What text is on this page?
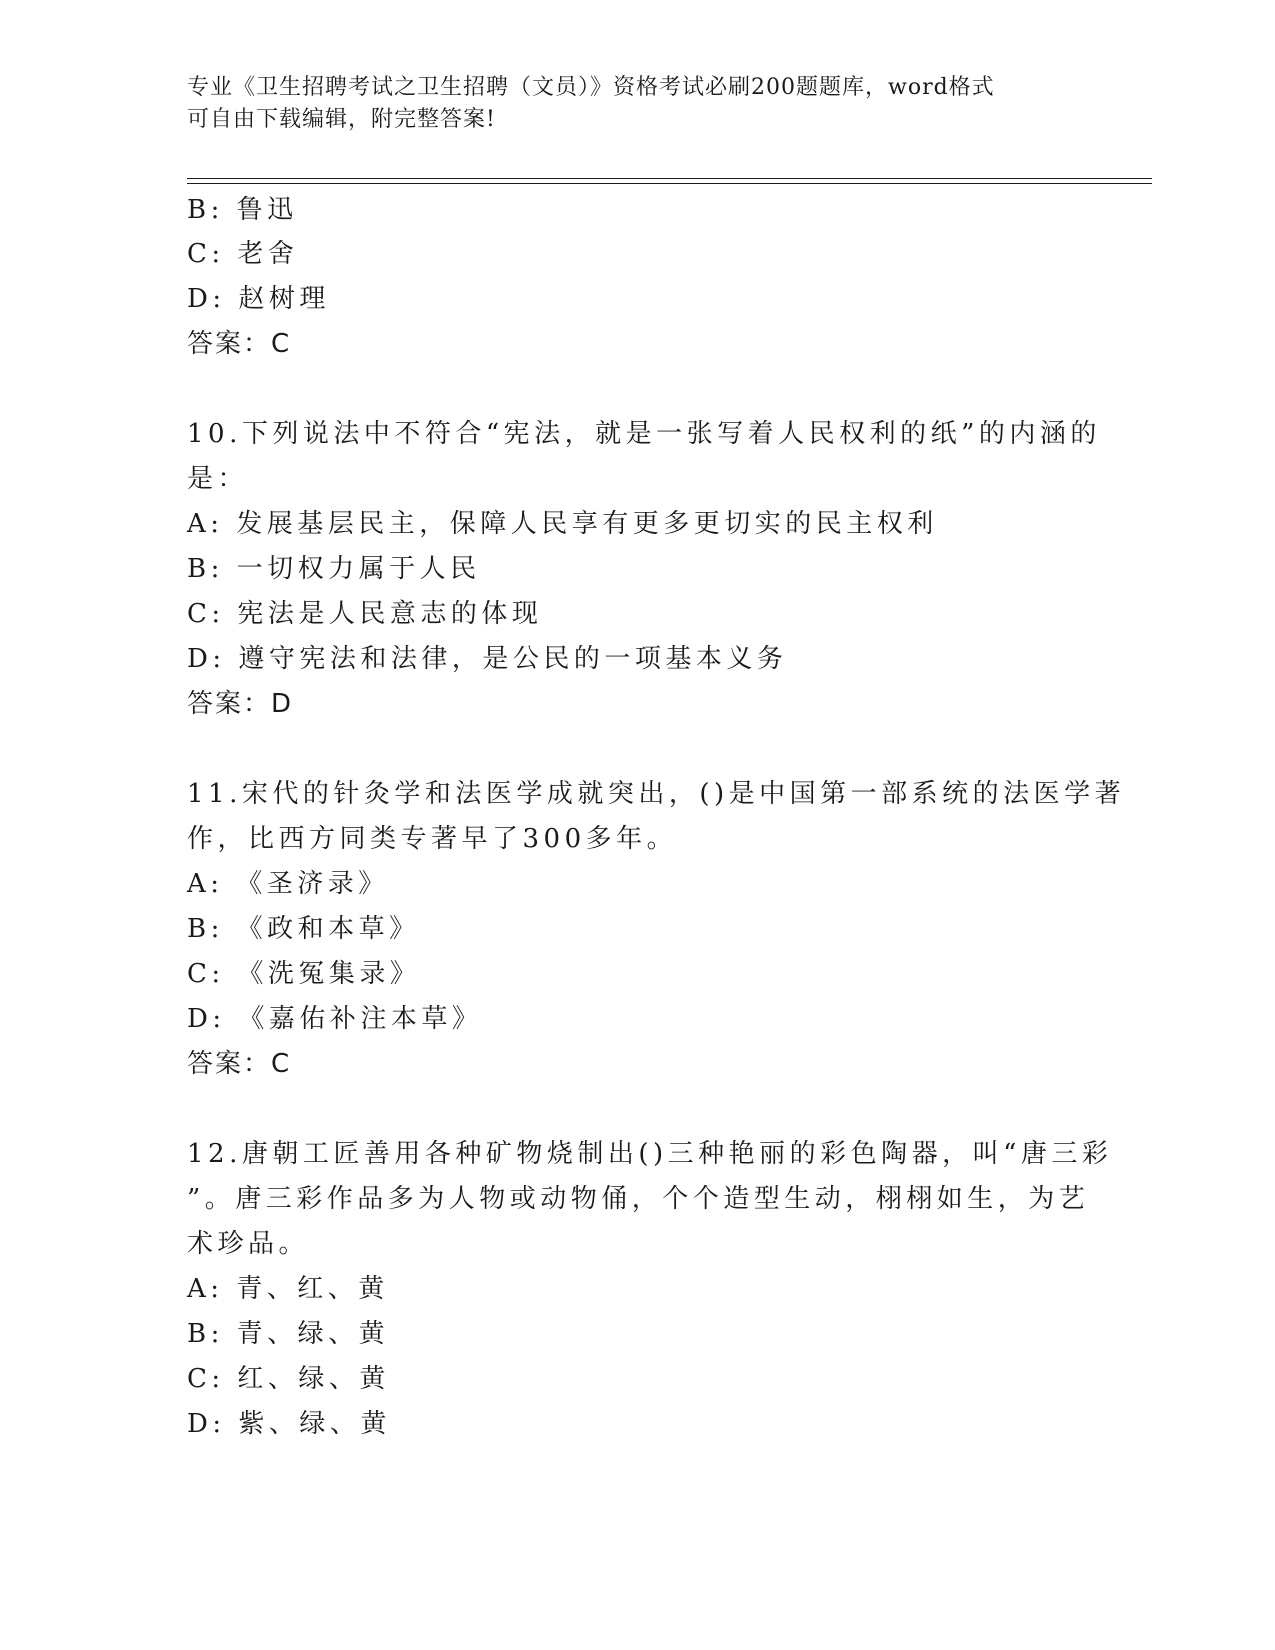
专业《卫生招聘考试之卫生招聘（文员）》资格考试必刷200题题库，word格式
可自由下载编辑，附完整答案!
B: 鲁迅
C: 老舍
D: 赵树理
答案：C
10.下列说法中不符合“宪法，就是一张写着人民权利的纸”的内涵的
是：
A: 发展基层民主，保障人民享有更多更切实的民主权利
B: 一切权力属于人民
C: 宪法是人民意志的体现
D: 遵守宪法和法律，是公民的一项基本义务
答案：D
11.宋代的针灸学和法医学成就突出，()是中国第一部系统的法医学著
作，比西方同类专著早了300多年。
A: 《圣济录》
B: 《政和本草》
C: 《洗冤集录》
D: 《嘉佑补注本草》
答案：C
12.唐朝工匠善用各种矿物烧制出()三种艳丽的彩色陶器，叫“唐三彩
”。唐三彩作品多为人物或动物俑，个个造型生动，栩栩如生，为艺
术珍品。
A: 青、红、黄
B: 青、绿、黄
C: 红、绿、黄
D: 紫、绿、黄
